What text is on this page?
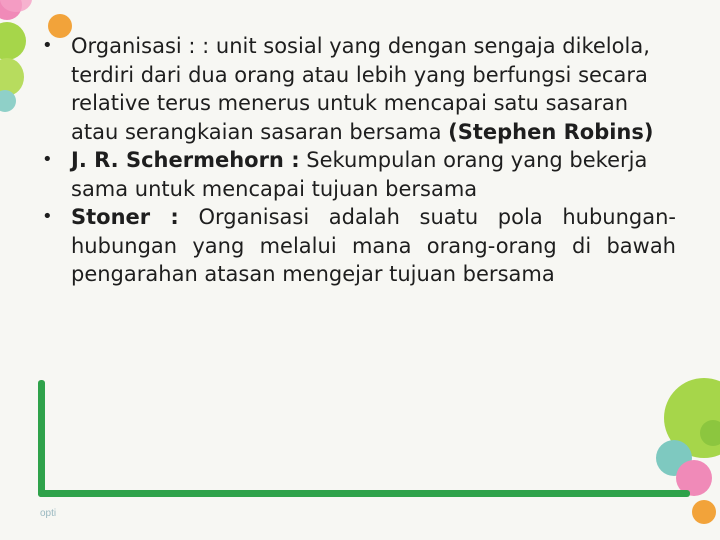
• Organisasi : : unit sosial yang dengan sengaja dikelola, terdiri dari dua orang atau lebih yang berfungsi secara relative terus menerus untuk mencapai satu sasaran atau serangkaian sasaran bersama (Stephen Robins)
• J. R. Schermehorn : Sekumpulan orang yang bekerja sama untuk mencapai tujuan bersama
• Stoner : Organisasi adalah suatu pola hubungan-hubungan yang melalui mana orang-orang di bawah pengarahan atasan mengejar tujuan bersama
opti
